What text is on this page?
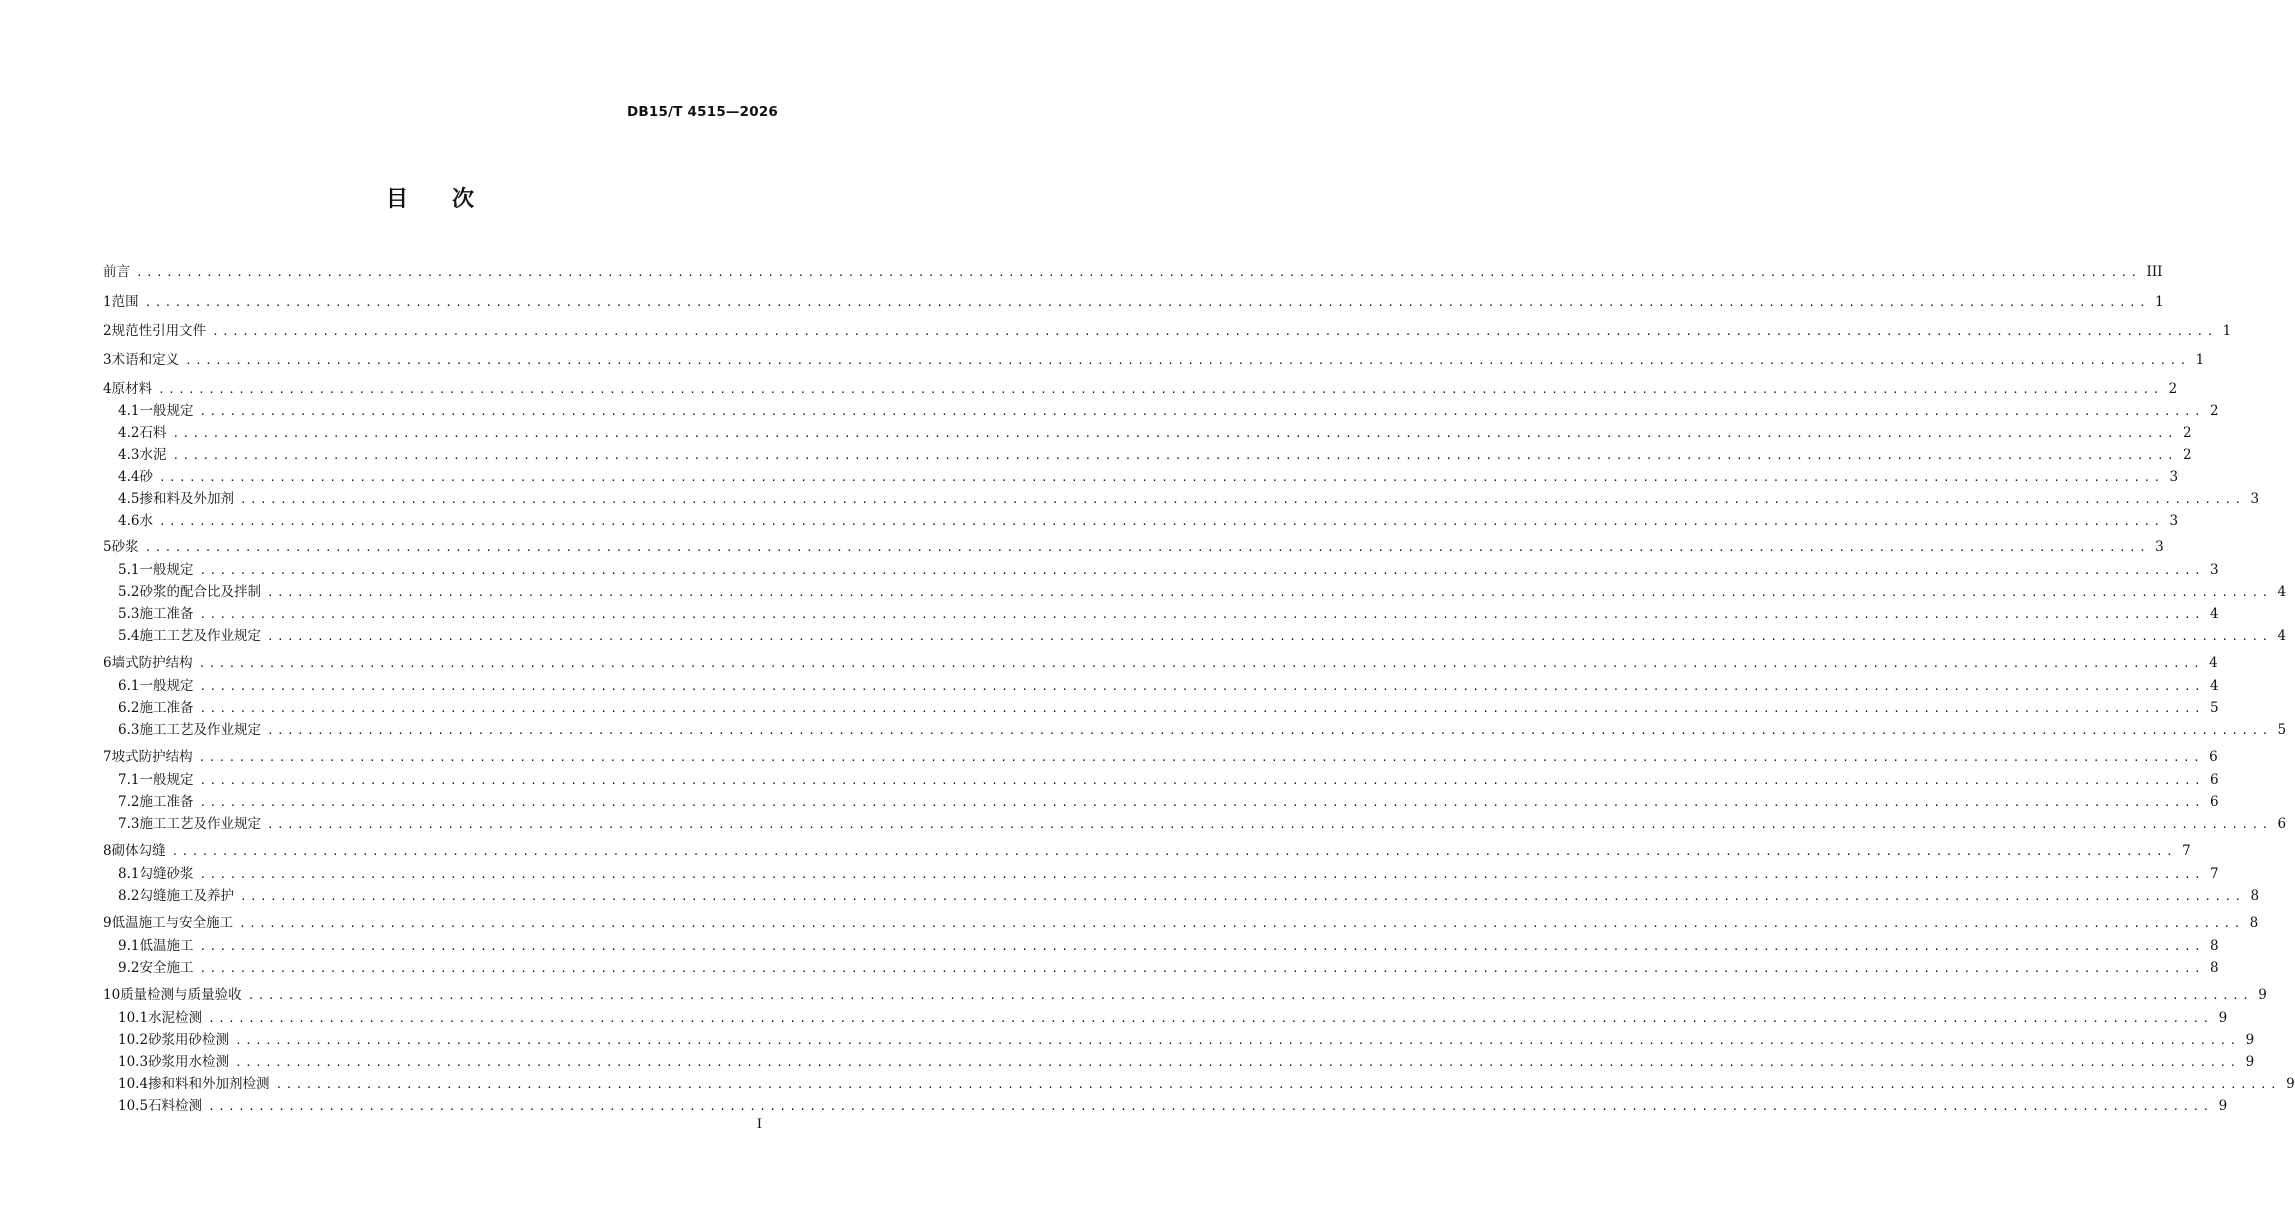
DB15/T 4515—2026
目　　次
前言 ........................................................................................................................................................................................................ III
1 范围 ........................................................................................................................................................................................................ 1
2 规范性引用文件 ........................................................................................................................................................................................................ 1
3 术语和定义 ........................................................................................................................................................................................................ 1
4 原材料 ........................................................................................................................................................................................................ 2
4.1 一般规定 ........................................................................................................................................................................................................ 2
4.2 石料 ........................................................................................................................................................................................................ 2
4.3 水泥 ........................................................................................................................................................................................................ 2
4.4 砂 ........................................................................................................................................................................................................ 3
4.5 掺和料及外加剂 ........................................................................................................................................................................................................ 3
4.6 水 ........................................................................................................................................................................................................ 3
5 砂浆 ........................................................................................................................................................................................................ 3
5.1 一般规定 ........................................................................................................................................................................................................ 3
5.2 砂浆的配合比及拌制 ........................................................................................................................................................................................................ 4
5.3 施工准备 ........................................................................................................................................................................................................ 4
5.4 施工工艺及作业规定 ........................................................................................................................................................................................................ 4
6 墙式防护结构 ........................................................................................................................................................................................................ 4
6.1 一般规定 ........................................................................................................................................................................................................ 4
6.2 施工准备 ........................................................................................................................................................................................................ 5
6.3 施工工艺及作业规定 ........................................................................................................................................................................................................ 5
7 坡式防护结构 ........................................................................................................................................................................................................ 6
7.1 一般规定 ........................................................................................................................................................................................................ 6
7.2 施工准备 ........................................................................................................................................................................................................ 6
7.3 施工工艺及作业规定 ........................................................................................................................................................................................................ 6
8 砌体勾缝 ........................................................................................................................................................................................................ 7
8.1 勾缝砂浆 ........................................................................................................................................................................................................ 7
8.2 勾缝施工及养护 ........................................................................................................................................................................................................ 8
9 低温施工与安全施工 ........................................................................................................................................................................................................ 8
9.1 低温施工 ........................................................................................................................................................................................................ 8
9.2 安全施工 ........................................................................................................................................................................................................ 8
10 质量检测与质量验收 ........................................................................................................................................................................................................ 9
10.1 水泥检测 ........................................................................................................................................................................................................ 9
10.2 砂浆用砂检测 ........................................................................................................................................................................................................ 9
10.3 砂浆用水检测 ........................................................................................................................................................................................................ 9
10.4 掺和料和外加剂检测 ........................................................................................................................................................................................................ 9
10.5 石料检测 ........................................................................................................................................................................................................ 9
I
